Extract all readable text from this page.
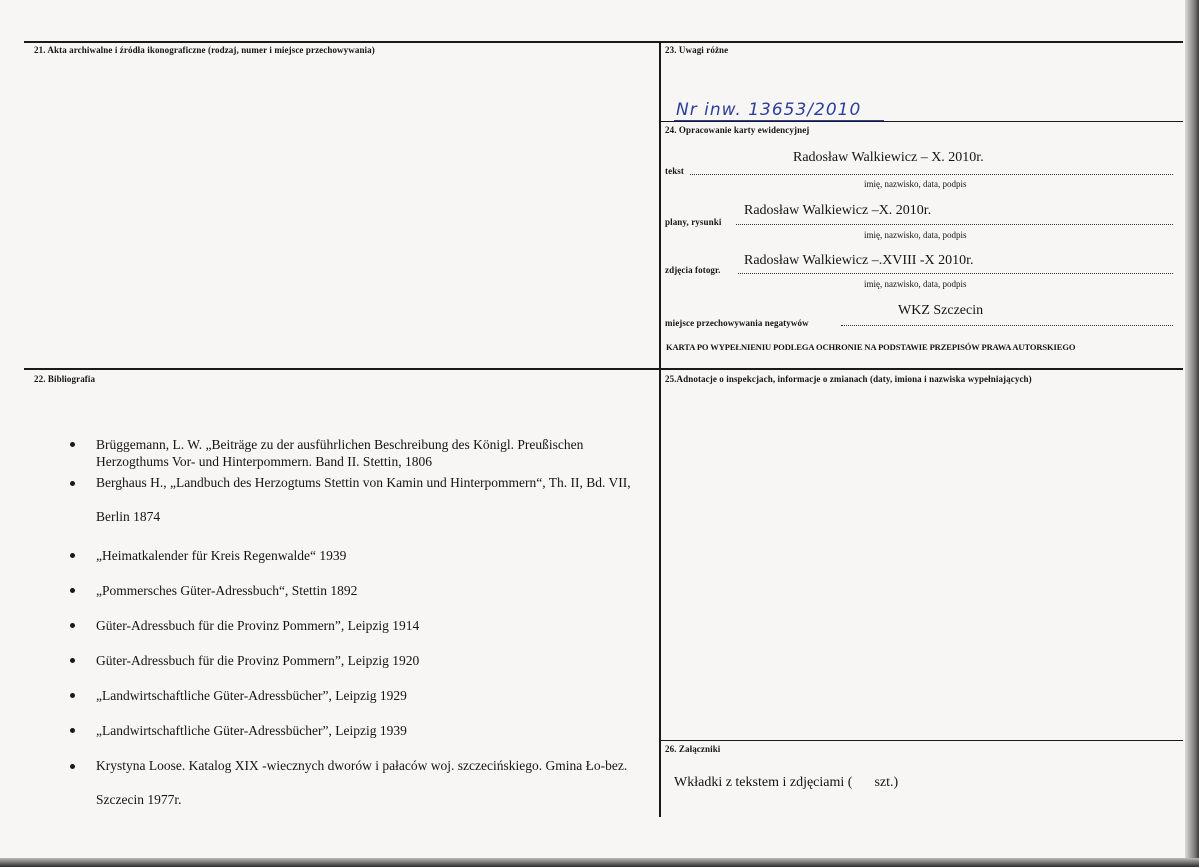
21. Akta archiwalne i źródła ikonograficzne (rodzaj, numer i miejsce przechowywania)	23. Uwagi różne
Nr inw. 13653/2010
24. Opracowanie karty ewidencyjnej
Radosław Walkiewicz – X. 2010r.
tekst
imię, nazwisko, data, podpis
Radosław Walkiewicz –X. 2010r.
plany, rysunki
imię, nazwisko, data, podpis
Radosław Walkiewicz –.XVIII -X 2010r.
zdjęcia fotogr.
imię, nazwisko, data, podpis
WKZ Szczecin
miejsce przechowywania negatywów
KARTA PO WYPEŁNIENIU PODLEGA OCHRONIE NA PODSTAWIE PRZEPISÓW PRAWA AUTORSKIEGO
22. Bibliografia
Brüggemann, L. W. „Beiträge zu der ausführlichen Beschreibung des Königl. Preußischen Herzogthums Vor- und Hinterpommern. Band II. Stettin, 1806
Berghaus H., „Landbuch des Herzogtums Stettin von Kamin und Hinterpommern“, Th. II, Bd. VII, Berlin 1874
„Heimatkalender für Kreis Regenwalde“ 1939
„Pommersches Güter-Adressbuch“, Stettin 1892
Güter-Adressbuch für die Provinz Pommern”, Leipzig 1914
Güter-Adressbuch für die Provinz Pommern”, Leipzig 1920
„Landwirtschaftliche Güter-Adressbücher”, Leipzig 1929
„Landwirtschaftliche Güter-Adressbücher”, Leipzig 1939
Krystyna Loose. Katalog XIX -wiecznych dworów i pałaców woj. szczecińskiego. Gmina Ło-bez. Szczecin 1977r.
25.Adnotacje o inspekcjach, informacje o zmianach (daty, imiona i nazwiska wypełniających)
26. Załączniki
Wkładki z tekstem i zdjęciami ( szt.)
